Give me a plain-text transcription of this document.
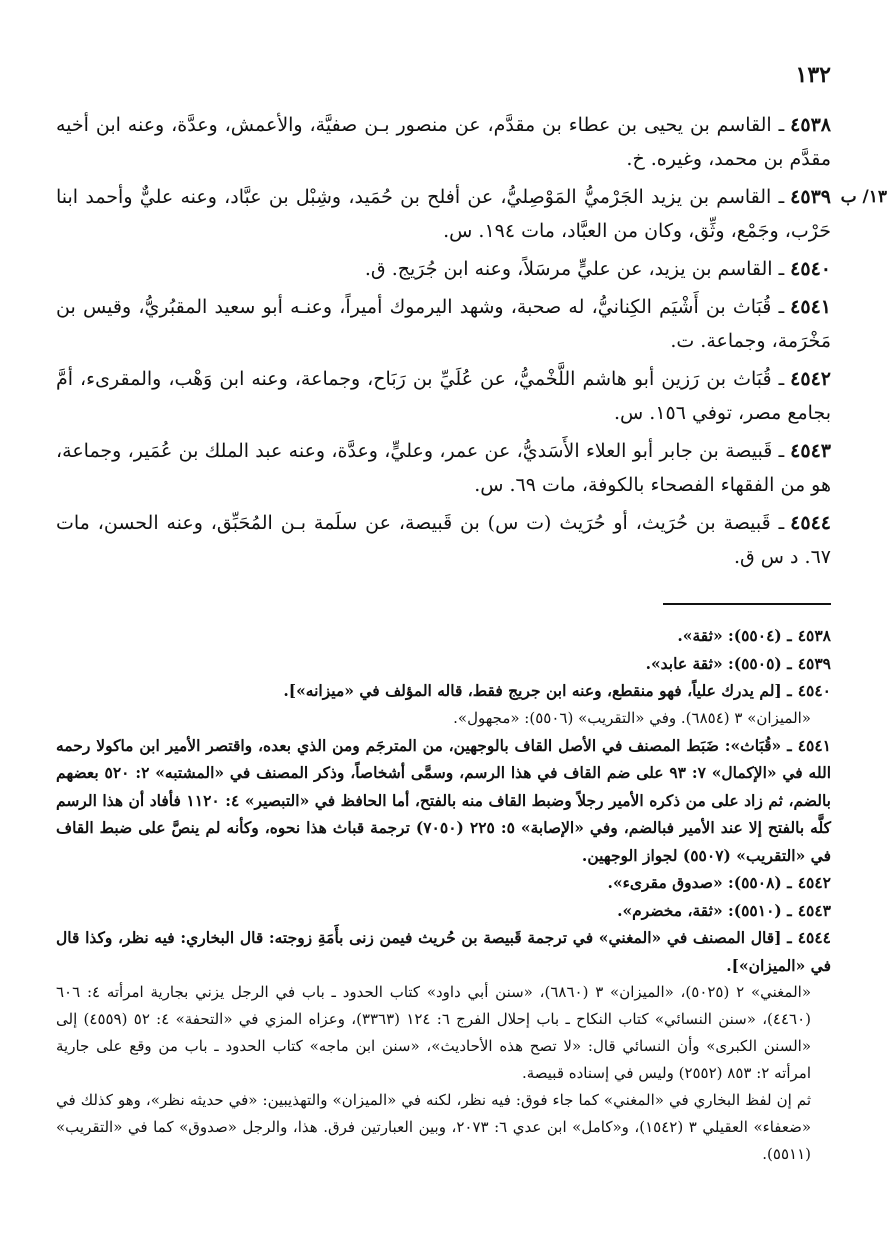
١٣٢
٤٥٣٨ـ القاسم بن يحيى بن عطاء بن مقدَّم، عن منصور بـن صفيَّة، والأعمش، وعدَّة، وعنه ابن أخيه مقدَّم بن محمد، وغيره. خ.
١٣/ ب
٤٥٣٩ـ القاسم بن يزيد الجَرْميُّ المَوْصِليُّ، عن أفلح بن حُمَيد، وشِبْل بن عبَّاد، وعنه عليٌّ وأحمد ابنا حَرْب، وجَمْع، وثِّق، وكان من العبَّاد، مات ١٩٤. س.
٤٥٤٠ـ القاسم بن يزيد، عن عليٍّ مرسَلاً، وعنه ابن جُرَيج. ق.
٤٥٤١ـ قُبَاث بن أَشْيَم الكِنانيُّ، له صحبة، وشهد اليرموك أميراً، وعنـه أبو سعيد المقبُريُّ، وقيس بن مَخْرَمة، وجماعة. ت.
٤٥٤٢ـ قُبَاث بن رَزين أبو هاشم اللَّخْميُّ، عن عُلَيِّ بن رَبَاح، وجماعة، وعنه ابن وَهْب، والمقرىء، أمَّ بجامع مصر، توفي ١٥٦. س.
٤٥٤٣ـ قَبيصة بن جابر أبو العلاء الأَسَديُّ، عن عمر، وعليٍّ، وعدَّة، وعنه عبد الملك بن عُمَير، وجماعة، هو من الفقهاء الفصحاء بالكوفة، مات ٦٩. س.
٤٥٤٤ـ قَبيصة بن حُرَيث، أو حُرَيث (ت س) بن قَبيصة، عن سلَمة بـن المُحَبِّق، وعنه الحسن، مات ٦٧. د س ق.
٤٥٣٨ـ (٥٥٠٤): «ثقة».
٤٥٣٩ـ (٥٥٠٥): «ثقة عابد».
٤٥٤٠ـ [لم يدرك علياً، فهو منقطع، وعنه ابن جريج فقط، قاله المؤلف في «ميزانه»].
«الميزان» ٣ (٦٨٥٤). وفي «التقريب» (٥٥٠٦): «مجهول».
٤٥٤١ـ «قُبَاث»: ضَبَط المصنف في الأصل القاف بالوجهين، من المترجَم ومن الذي بعده، واقتصر الأمير ابن ماكولا رحمه الله في «الإكمال» ٧: ٩٣ على ضم القاف في هذا الرسم، وسمَّى أشخاصاً، وذكر المصنف في «المشتبه» ٢: ٥٢٠ بعضهم بالضم، ثم زاد على من ذكره الأمير رجلاً وضبط القاف منه بالفتح، أما الحافظ في «التبصير» ٤: ١١٢٠ فأفاد أن هذا الرسم كلَّه بالفتح إلا عند الأمير فبالضم، وفي «الإصابة» ٥: ٢٢٥ (٧٠٥٠) ترجمة قباث هذا نحوه، وكأنه لم ينصَّ على ضبط القاف في «التقريب» (٥٥٠٧) لجواز الوجهين.
٤٥٤٢ـ (٥٥٠٨): «صدوق مقرىء».
٤٥٤٣ـ (٥٥١٠): «ثقة، مخضرم».
٤٥٤٤ـ [قال المصنف في «المغني» في ترجمة قَبيصة بن حُريث فيمن زنى بأَمَةِ زوجته: قال البخاري: فيه نظر، وكذا قال في «الميزان»].
«المغني» ٢ (٥٠٢٥)، «الميزان» ٣ (٦٨٦٠)، «سنن أبي داود» كتاب الحدود ـ باب في الرجل يزني بجارية امرأته ٤: ٦٠٦ (٤٤٦٠)، «سنن النسائي» كتاب النكاح ـ باب إحلال الفرج ٦: ١٢٤ (٣٣٦٣)، وعزاه المزي في «التحفة» ٤: ٥٢ (٤٥٥٩) إلى «السنن الكبرى» وأن النسائي قال: «لا تصح هذه الأحاديث»، «سنن ابن ماجه» كتاب الحدود ـ باب من وقع على جارية امرأته ٢: ٨٥٣ (٢٥٥٢) وليس في إسناده قبيصة.
ثم إن لفظ البخاري في «المغني» كما جاء فوق: فيه نظر، لكنه في «الميزان» والتهذيبين: «في حديثه نظر»، وهو كذلك في «ضعفاء» العقيلي ٣ (١٥٤٢)، و«كامل» ابن عدي ٦: ٢٠٧٣، وبين العبارتين فرق. هذا، والرجل «صدوق» كما في «التقريب» (٥٥١١).
